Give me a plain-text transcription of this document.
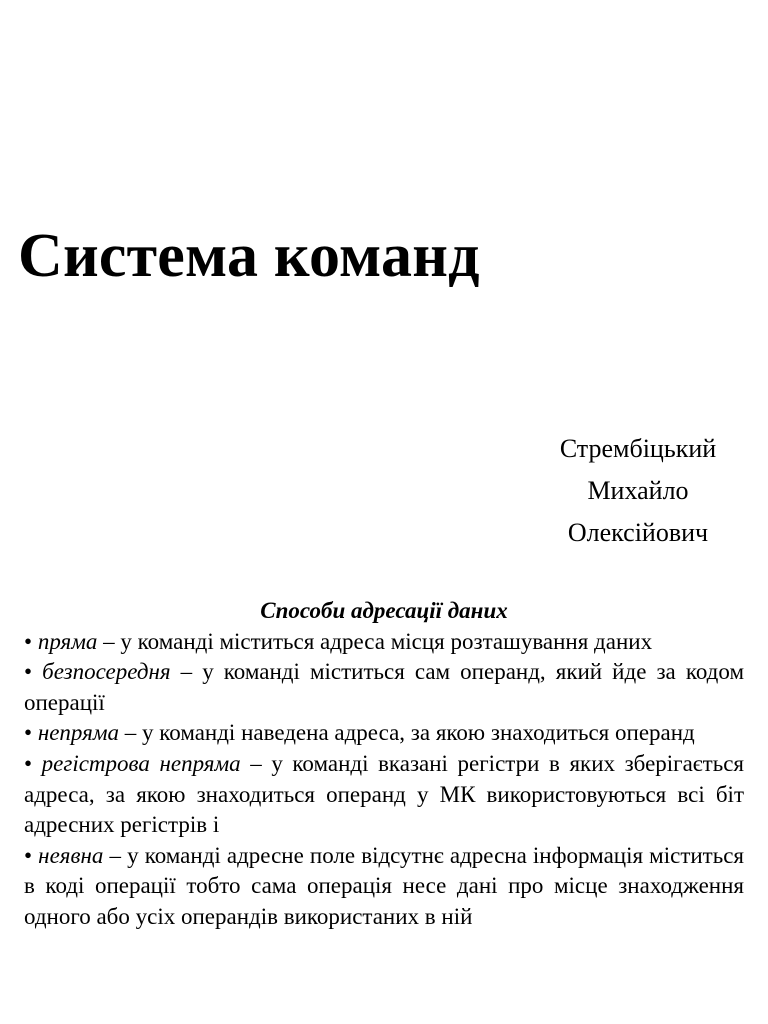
Система команд
Стрембіцький
Михайло
Олексійович

Способи адресації даних

• пряма – у команді міститься адреса місця розташування даних

• безпосередня – у команді міститься сам операнд, який йде за кодом операції

• непряма – у команді наведена адреса, за якою знаходиться операнд

• регістрова непряма – у команді вказані регістри в яких зберігається адреса, за якою знаходиться операнд у МК використовуються всі біт адресних регістрів і

• неявна – у команді адресне поле відсутнє адресна інформація міститься в коді операції тобто сама операція несе дані про місце знаходження одного або усіх операндів використаних в ній
